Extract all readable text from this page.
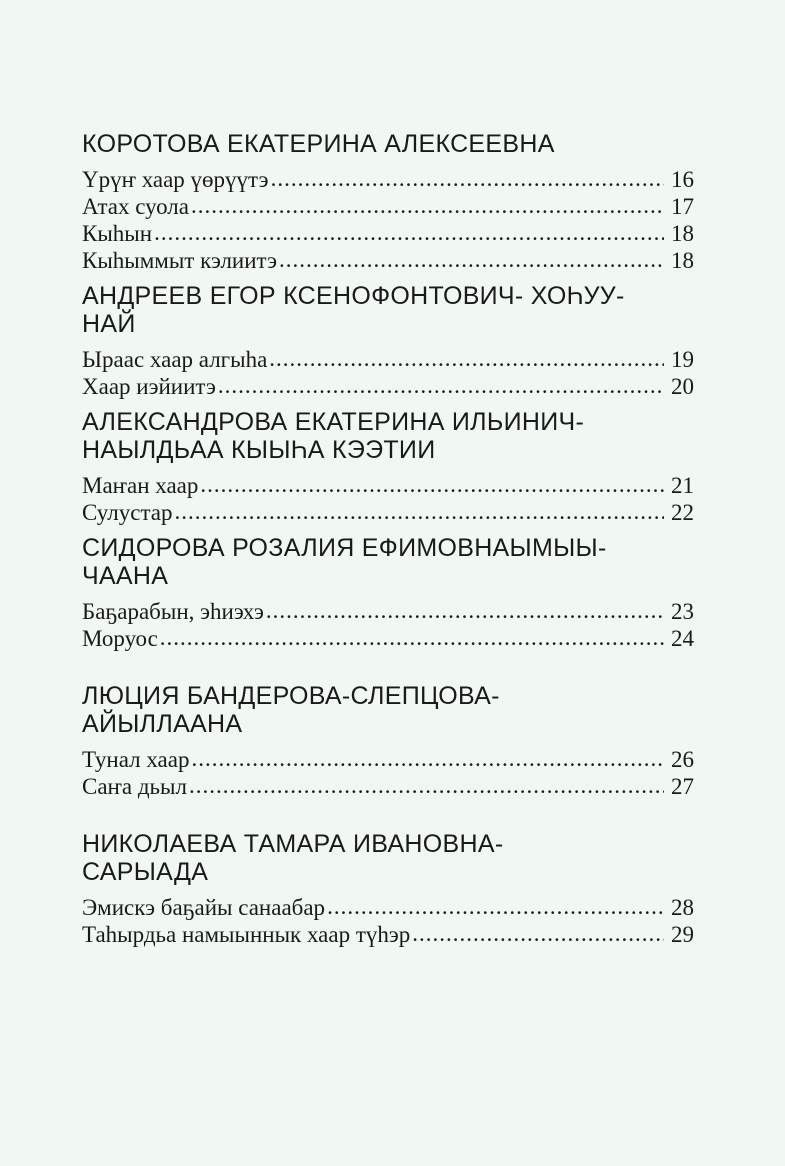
КОРОТОВА ЕКАТЕРИНА АЛЕКСЕЕВНА
Үрүҥ хаар үөрүүтэ .....	16
Атах суола .....	17
Кыһын .....	18
Кыһыммыт кэлиитэ .....	18
АНДРЕЕВ ЕГОР КСЕНОФОНТОВИЧ- ХОҺУУ-
НАЙ
Ыраас хаар алгыһа .....	19
Хаар иэйиитэ .....	20
АЛЕКСАНДРОВА ЕКАТЕРИНА ИЛЬИНИЧ-
НАЫЛДЬАА КЫЫҺА КЭЭТИИ
Маҥан хаар .....	21
Сулустар .....	22
СИДОРОВА РОЗАЛИЯ ЕФИМОВНАЫМЫЫ-
ЧААНА
Баҕарабын, эһиэхэ .....	23
Моруос .....	24
ЛЮЦИЯ БАНДЕРОВА-СЛЕПЦОВА-
АЙЫЛЛААНА
Тунал хаар .....	26
Саҥа дьыл .....	27
НИКОЛАЕВА ТАМАРА ИВАНОВНА-
САРЫАДА
Эмискэ баҕайы санаабар .....	28
Таһырдьа намыыннык хаар түһэр .....	29
